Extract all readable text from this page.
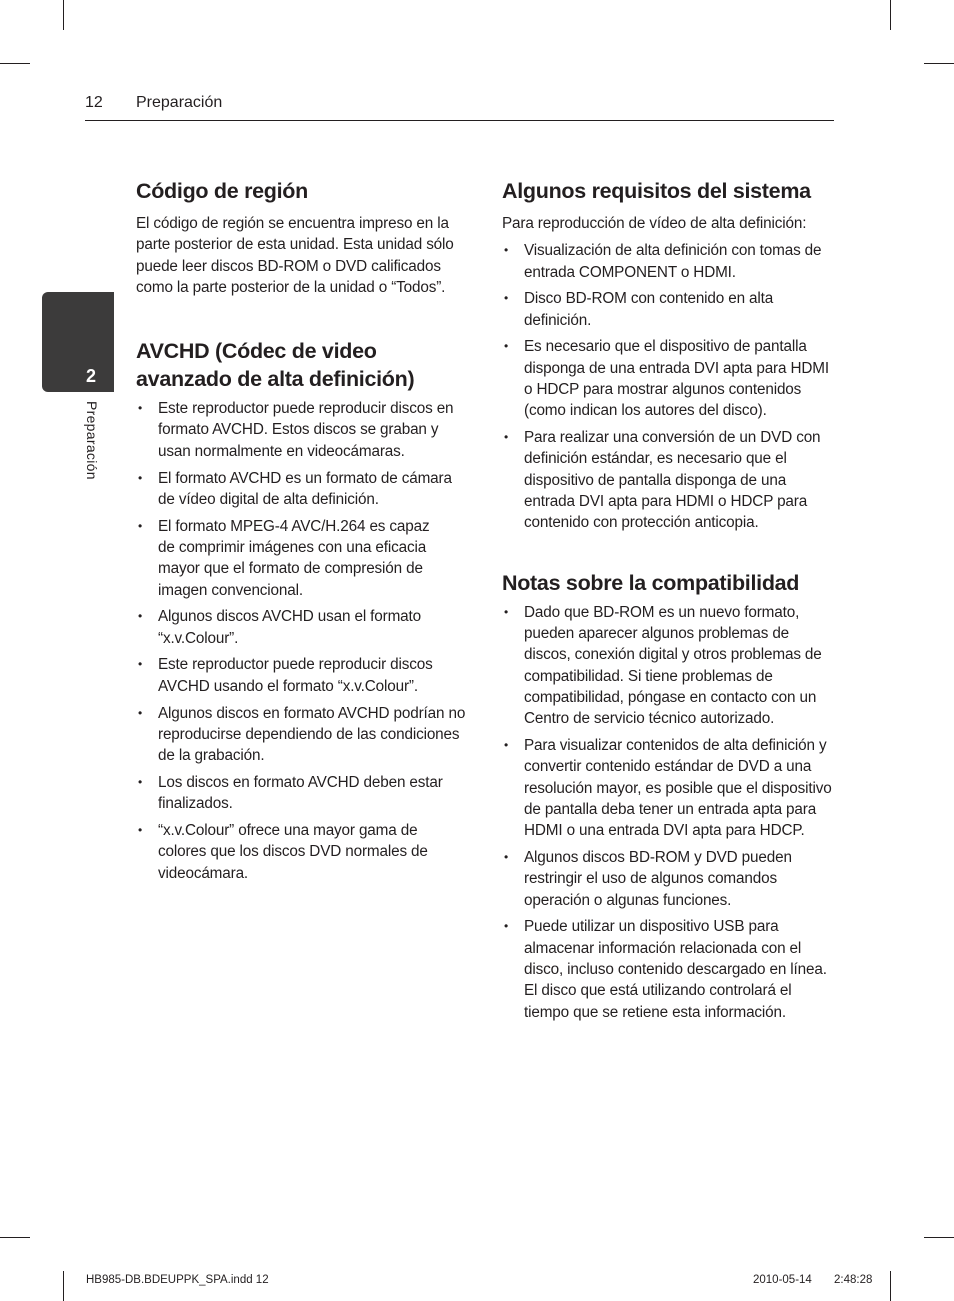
12 Preparación
2
Preparación
Código de región

El código de región se encuentra impreso en la parte posterior de esta unidad. Esta unidad sólo puede leer discos BD-ROM o DVD calificados como la parte posterior de la unidad o “Todos”.

AVCHD (Códec de video avanzado de alta definición)
• Este reproductor puede reproducir discos en formato AVCHD. Estos discos se graban y usan normalmente en videocámaras.
• El formato AVCHD es un formato de cámara de vídeo digital de alta definición.
• El formato MPEG-4 AVC/H.264 es capaz de comprimir imágenes con una eficacia mayor que el formato de compresión de imagen convencional.
• Algunos discos AVCHD usan el formato “x.v.Colour”.
• Este reproductor puede reproducir discos AVCHD usando el formato “x.v.Colour”.
• Algunos discos en formato AVCHD podrían no reproducirse dependiendo de las condiciones de la grabación.
• Los discos en formato AVCHD deben estar finalizados.
• “x.v.Colour” ofrece una mayor gama de colores que los discos DVD normales de videocámara.
Algunos requisitos del sistema

Para reproducción de vídeo de alta definición:

• Visualización de alta definición con tomas de entrada COMPONENT o HDMI.
• Disco BD-ROM con contenido en alta definición.
• Es necesario que el dispositivo de pantalla disponga de una entrada DVI apta para HDMI o HDCP para mostrar algunos contenidos (como indican los autores del disco).
• Para realizar una conversión de un DVD con definición estándar, es necesario que el dispositivo de pantalla disponga de una entrada DVI apta para HDMI o HDCP para contenido con protección anticopia.
Notas sobre la compatibilidad
• Dado que BD-ROM es un nuevo formato, pueden aparecer algunos problemas de discos, conexión digital y otros problemas de compatibilidad. Si tiene problemas de compatibilidad, póngase en contacto con un Centro de servicio técnico autorizado.
• Para visualizar contenidos de alta definición y convertir contenido estándar de DVD a una resolución mayor, es posible que el dispositivo de pantalla deba tener un entrada apta para HDMI o una entrada DVI apta para HDCP.
• Algunos discos BD-ROM y DVD pueden restringir el uso de algunos comandos operación o algunas funciones.
• Puede utilizar un dispositivo USB para almacenar información relacionada con el disco, incluso contenido descargado en línea. El disco que está utilizando controlará el tiempo que se retiene esta información.
HB985-DB.BDEUPPK_SPA.indd 12	2010-05-14 2:48:28
